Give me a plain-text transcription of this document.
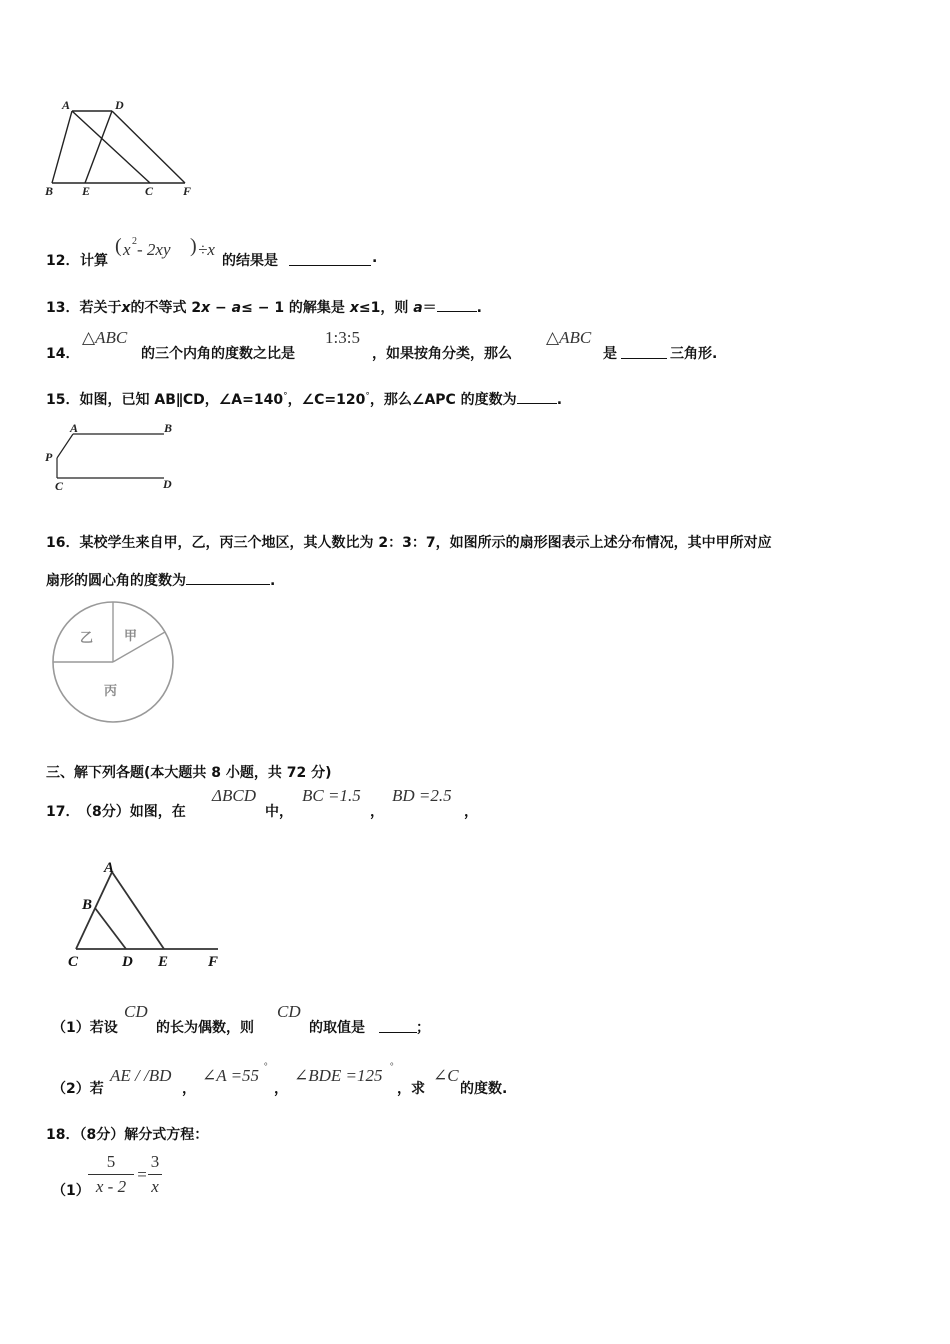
A	D
B E	C F
12． 计算
( x 2 - 2xy ) ÷x
的结果是	.
13．若关于x的不等式 2x − a≤ − 1 的解集是 x≤1，则 a＝	.
14．
△ABC
的三个内角的度数之比是
1:3:5
，如果按角分类，那么
△ABC
是	三角形.
15．如图，已知 AB∥CD，∠A=140°，∠C=120°，那么∠APC 的度数为	.
A	B
P
C	D
16．某校学生来自甲，乙，丙三个地区，其人数比为 2：3：7，如图所示的扇形图表示上述分布情况，其中甲所对应
扇形的圆心角的度数为	.
甲
乙
丙
三、解下列各题(本大题共 8 小题，共 72 分)
17．
（8分）如图，在
ΔBCD
中，
BC =1.5
，
BD =2.5
，
A
B
C	D E	F
（1）若设
CD
的长为偶数，则
CD
的取值是	；
（2）若
AE / /BD
，
∠A =55 °
，
∠BDE =125 °
，求
∠C
的度数.
18．（8分）解分式方程：
（1）
5
x - 2
=
3
x
